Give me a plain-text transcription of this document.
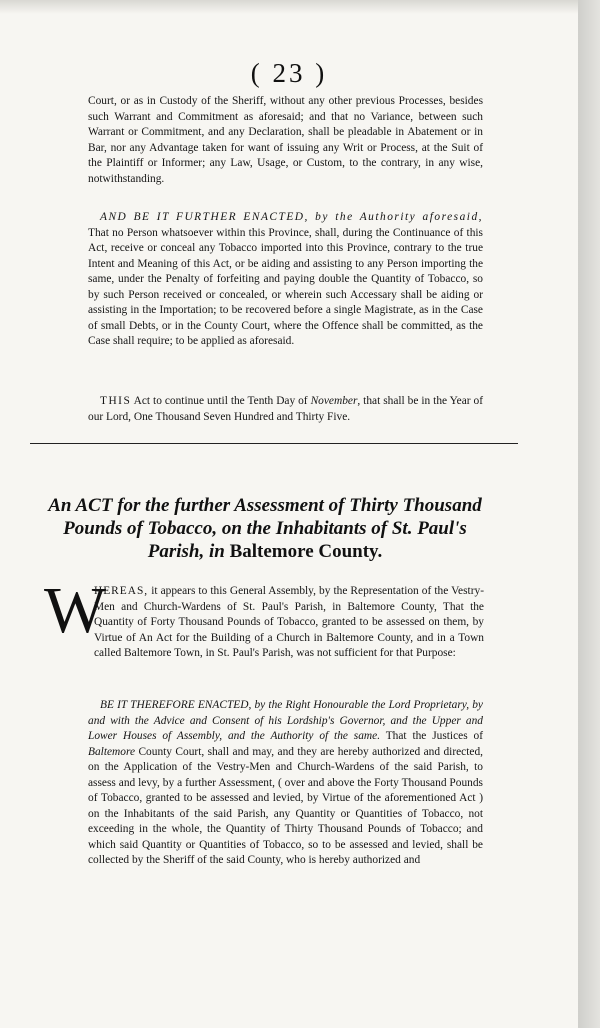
( 23 )
Court, or as in Custody of the Sheriff, without any other previous Processes, besides such Warrant and Commitment as aforesaid; and that no Variance, between such Warrant or Commitment, and any Declaration, shall be pleadable in Abatement or in Bar, nor any Advantage taken for want of issuing any Writ or Process, at the Suit of the Plaintiff or Informer; any Law, Usage, or Custom, to the contrary, in any wise, notwithstanding.
AND BE IT FURTHER ENACTED, by the Authority aforesaid, That no Person whatsoever within this Province, shall, during the Continuance of this Act, receive or conceal any Tobacco imported into this Province, contrary to the true Intent and Meaning of this Act, or be aiding and assisting to any Person importing the same, under the Penalty of forfeiting and paying double the Quantity of Tobacco, so by such Person received or concealed, or wherein such Accessary shall be aiding or assisting in the Importation; to be recovered before a single Magistrate, as in the Case of small Debts, or in the County Court, where the Offence shall be committed, as the Case shall require; to be applied as aforesaid.
THIS Act to continue until the Tenth Day of November, that shall be in the Year of our Lord, One Thousand Seven Hundred and Thirty Five.
An ACT for the further Assessment of Thirty Thousand Pounds of Tobacco, on the Inhabitants of St. Paul's Parish, in Baltemore County.
W
HEREAS, it appears to this General Assembly, by the Representation of the Vestry-Men and Church-Wardens of St. Paul's Parish, in Baltemore County, That the Quantity of Forty Thousand Pounds of Tobacco, granted to be assessed on them, by Virtue of An Act for the Building of a Church in Baltemore County, and in a Town called Baltemore Town, in St. Paul's Parish, was not sufficient for that Purpose:
BE IT THEREFORE ENACTED, by the Right Honourable the Lord Proprietary, by and with the Advice and Consent of his Lordship's Governor, and the Upper and Lower Houses of Assembly, and the Authority of the same. That the Justices of Baltemore County Court, shall and may, and they are hereby authorized and directed, on the Application of the Vestry-Men and Church-Wardens of the said Parish, to assess and levy, by a further Assessment, ( over and above the Forty Thousand Pounds of Tobacco, granted to be assessed and levied, by Virtue of the aforementioned Act ) on the Inhabitants of the said Parish, any Quantity or Quantities of Tobacco, not exceeding in the whole, the Quantity of Thirty Thousand Pounds of Tobacco; and which said Quantity or Quantities of Tobacco, so to be assessed and levied, shall be collected by the Sheriff of the said County, who is hereby authorized and
